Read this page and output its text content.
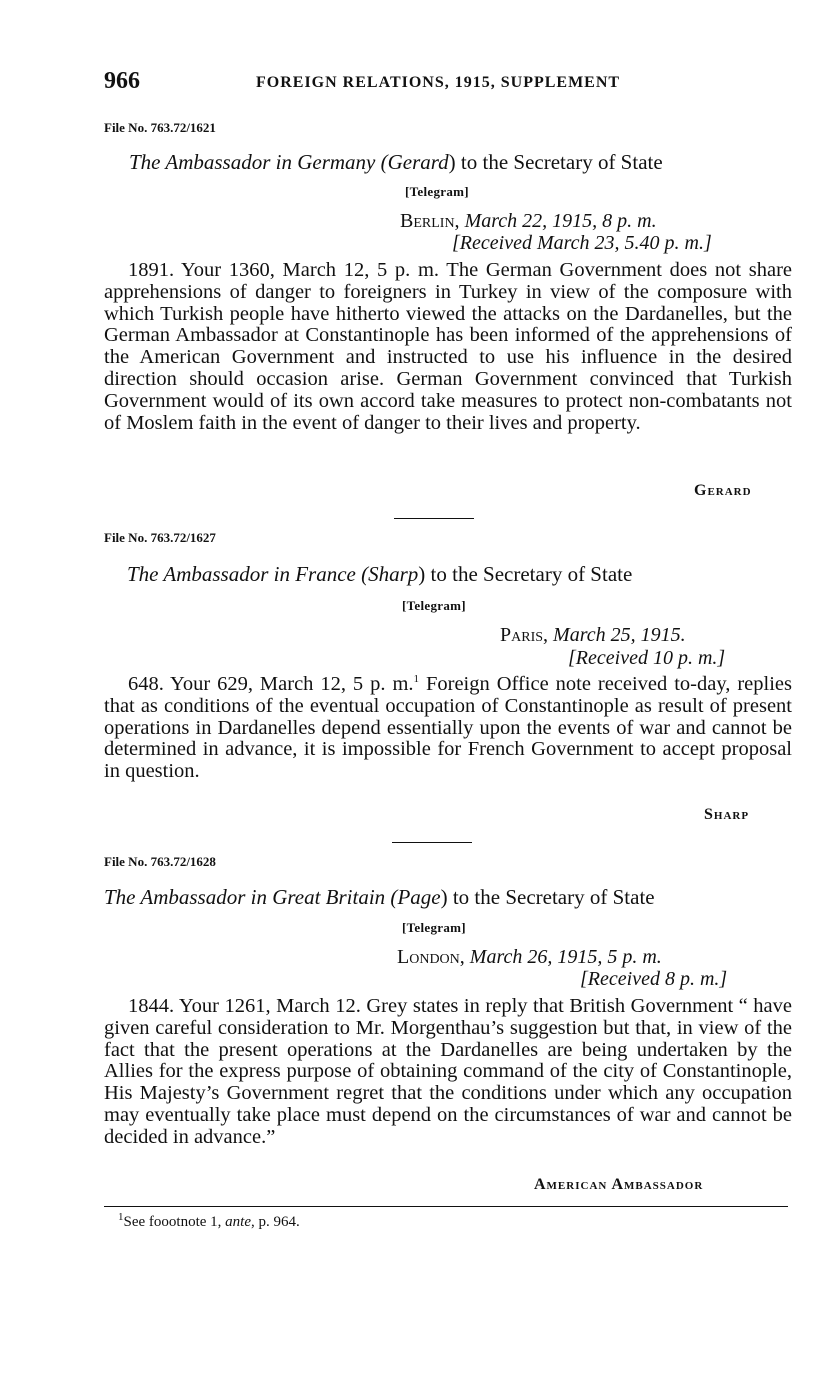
966	FOREIGN RELATIONS, 1915, SUPPLEMENT
File No. 763.72/1621
The Ambassador in Germany (Gerard) to the Secretary of State
[Telegram]
Berlin, March 22, 1915, 8 p. m.
[Received March 23, 5.40 p. m.]
1891. Your 1360, March 12, 5 p. m. The German Government does not share apprehensions of danger to foreigners in Turkey in view of the composure with which Turkish people have hitherto viewed the attacks on the Dardanelles, but the German Ambassador at Constantinople has been informed of the apprehensions of the American Government and instructed to use his influence in the desired direction should occasion arise. German Government convinced that Turkish Government would of its own accord take measures to protect non-combatants not of Moslem faith in the event of danger to their lives and property.
Gerard
File No. 763.72/1627
The Ambassador in France (Sharp) to the Secretary of State
[Telegram]
Paris, March 25, 1915.
[Received 10 p. m.]
648. Your 629, March 12, 5 p. m.$^1$ Foreign Office note received to-day, replies that as conditions of the eventual occupation of Constantinople as result of present operations in Dardanelles depend essentially upon the events of war and cannot be determined in advance, it is impossible for French Government to accept proposal in question.
Sharp
File No. 763.72/1628
The Ambassador in Great Britain (Page) to the Secretary of State
[Telegram]
London, March 26, 1915, 5 p. m.
[Received 8 p. m.]
1844. Your 1261, March 12. Grey states in reply that British Government “ have given careful consideration to Mr. Morgenthau’s suggestion but that, in view of the fact that the present operations at the Dardanelles are being undertaken by the Allies for the express purpose of obtaining command of the city of Constantinople, His Majesty’s Government regret that the conditions under which any occupation may eventually take place must depend on the circumstances of war and cannot be decided in advance.”
American Ambassador
$^1$See foootnote 1, ante, p. 964.
